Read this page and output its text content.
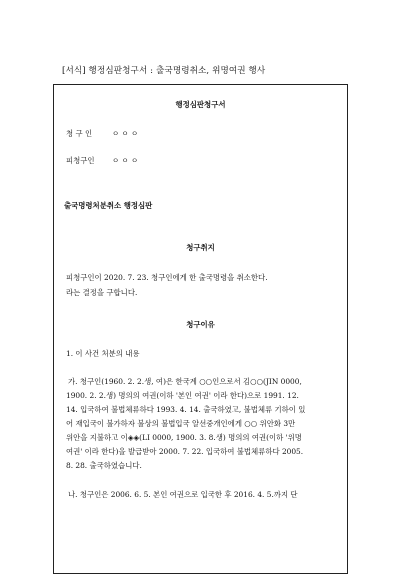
[서식] 행정심판청구서 : 출국명령취소, 위명여권 행사
행정심판청구서
청 구 인	ㅇ ㅇ ㅇ
피청구인 ㅇ ㅇ ㅇ
출국명령처분취소 행정심판
청구취지
피청구인이 2020. 7. 23. 청구인에게 한 출국명령을 취소한다.
라는 결정을 구합니다.
청구이유
1. 이 사건 처분의 내용
가. 청구인(1960. 2. 2.생, 여)은 한국계 ○○인으로서 김○○(JIN 0000,
1900. 2. 2.생) 명의의 여권(이하 '본인 여권' 이라 한다)으로 1991. 12.
14. 입국하여 불법체류하다 1993. 4. 14. 출국하였고, 불법체류 기하이 있
어 재입국이 불가하자 불상의 불법입국 알선중개인에게 ○○ 위안화 3만
위안을 지불하고 이◈◈(LI 0000, 1900. 3. 8.생) 명의의 여권(이하 '위명
여권' 이라 한다)을 발급받아 2000. 7. 22. 입국하여 불법체류하다 2005.
8. 28. 출국하였습니다.
나. 청구인은 2006. 6. 5. 본인 여권으로 입국한 후 2016. 4. 5.까지 단
